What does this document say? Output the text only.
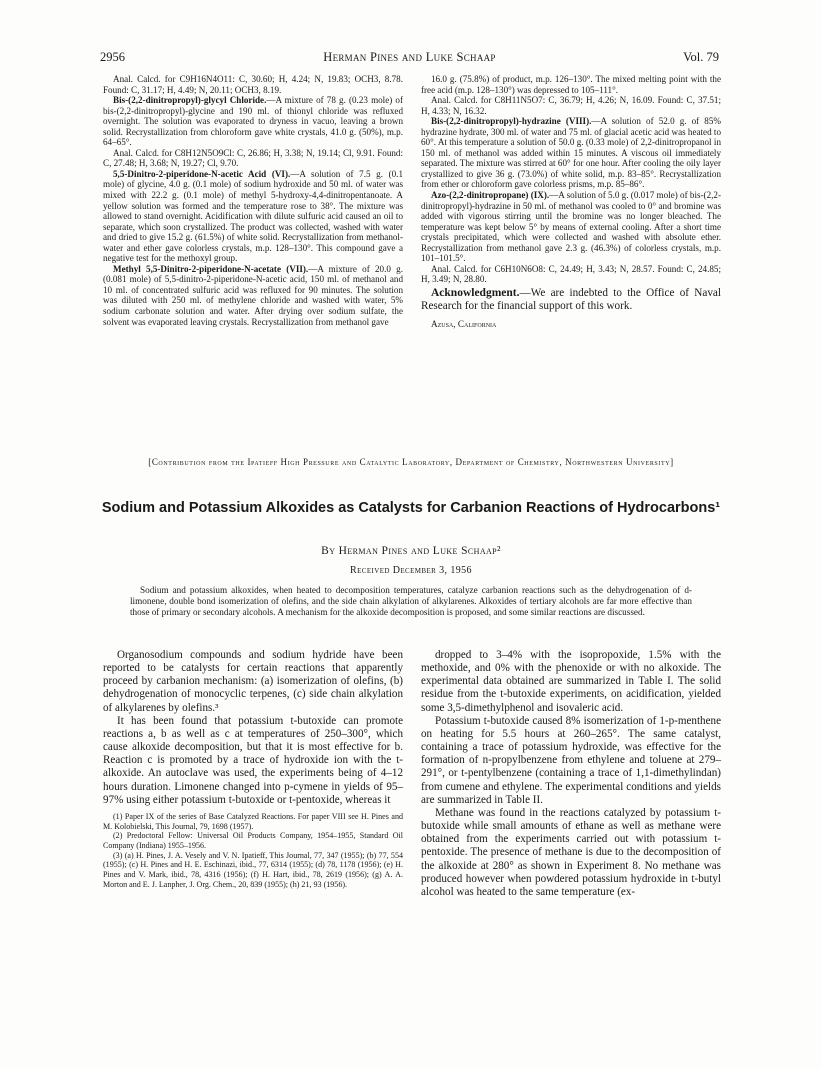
2956	Herman Pines and Luke Schaap	Vol. 79

Anal. Calcd. for C9H16N4O11: C, 30.60; H, 4.24; N, 19.83; OCH3, 8.78. Found: C, 31.17; H, 4.49; N, 20.11; OCH3, 8.19.

Bis-(2,2-dinitropropyl)-glycyl Chloride.—A mixture of 78 g. (0.23 mole) of bis-(2,2-dinitropropyl)-glycine and 190 ml. of thionyl chloride was refluxed overnight. The solution was evaporated to dryness in vacuo, leaving a brown solid. Recrystallization from chloroform gave white crystals, 41.0 g. (50%), m.p. 64–65°.

Anal. Calcd. for C8H12N5O9Cl: C, 26.86; H, 3.38; N, 19.14; Cl, 9.91. Found: C, 27.48; H, 3.68; N, 19.27; Cl, 9.70.

5,5-Dinitro-2-piperidone-N-acetic Acid (VI).—A solution of 7.5 g. (0.1 mole) of glycine, 4.0 g. (0.1 mole) of sodium hydroxide and 50 ml. of water was mixed with 22.2 g. (0.1 mole) of methyl 5-hydroxy-4,4-dinitropentanoate. A yellow solution was formed and the temperature rose to 38°. The mixture was allowed to stand overnight. Acidification with dilute sulfuric acid caused an oil to separate, which soon crystallized. The product was collected, washed with water and dried to give 15.2 g. (61.5%) of white solid. Recrystallization from methanol-water and ether gave colorless crystals, m.p. 128–130°. This compound gave a negative test for the methoxyl group.

Methyl 5,5-Dinitro-2-piperidone-N-acetate (VII).—A mixture of 20.0 g. (0.081 mole) of 5,5-dinitro-2-piperidone-N-acetic acid, 150 ml. of methanol and 10 ml. of concentrated sulfuric acid was refluxed for 90 minutes. The solution was diluted with 250 ml. of methylene chloride and washed with water, 5% sodium carbonate solution and water. After drying over sodium sulfate, the solvent was evaporated leaving crystals. Recrystallization from methanol gave

16.0 g. (75.8%) of product, m.p. 126–130°. The mixed melting point with the free acid (m.p. 128–130°) was depressed to 105–111°.

Anal. Calcd. for C8H11N5O7: C, 36.79; H, 4.26; N, 16.09. Found: C, 37.51; H, 4.33; N, 16.32.

Bis-(2,2-dinitropropyl)-hydrazine (VIII).—A solution of 52.0 g. of 85% hydrazine hydrate, 300 ml. of water and 75 ml. of glacial acetic acid was heated to 60°. At this temperature a solution of 50.0 g. (0.33 mole) of 2,2-dinitropropanol in 150 ml. of methanol was added within 15 minutes. A viscous oil immediately separated. The mixture was stirred at 60° for one hour. After cooling the oily layer crystallized to give 36 g. (73.0%) of white solid, m.p. 83–85°. Recrystallization from ether or chloroform gave colorless prisms, m.p. 85–86°.

Azo-(2,2-dinitropropane) (IX).—A solution of 5.0 g. (0.017 mole) of bis-(2,2-dinitropropyl)-hydrazine in 50 ml. of methanol was cooled to 0° and bromine was added with vigorous stirring until the bromine was no longer bleached. The temperature was kept below 5° by means of external cooling. After a short time crystals precipitated, which were collected and washed with absolute ether. Recrystallization from methanol gave 2.3 g. (46.3%) of colorless crystals, m.p. 101–101.5°.

Anal. Calcd. for C6H10N6O8: C, 24.49; H, 3.43; N, 28.57. Found: C, 24.85; H, 3.49; N, 28.80.

Acknowledgment.—We are indebted to the Office of Naval Research for the financial support of this work.

Azusa, California

[Contribution from the Ipatieff High Pressure and Catalytic Laboratory, Department of Chemistry, Northwestern University]
Sodium and Potassium Alkoxides as Catalysts for Carbanion Reactions of Hydrocarbons¹
By Herman Pines and Luke Schaap²
Received December 3, 1956
Sodium and potassium alkoxides, when heated to decomposition temperatures, catalyze carbanion reactions such as the dehydrogenation of d-limonene, double bond isomerization of olefins, and the side chain alkylation of alkylarenes. Alkoxides of tertiary alcohols are far more effective than those of primary or secondary alcohols. A mechanism for the alkoxide decomposition is proposed, and some similar reactions are discussed.

Organosodium compounds and sodium hydride have been reported to be catalysts for certain reactions that apparently proceed by carbanion mechanism: (a) isomerization of olefins, (b) dehydrogenation of monocyclic terpenes, (c) side chain alkylation of alkylarenes by olefins.³

It has been found that potassium t-butoxide can promote reactions a, b as well as c at temperatures of 250–300°, which cause alkoxide decomposition, but that it is most effective for b. Reaction c is promoted by a trace of hydroxide ion with the t-alkoxide. An autoclave was used, the experiments being of 4–12 hours duration. Limonene changed into p-cymene in yields of 95–97% using either potassium t-butoxide or t-pentoxide, whereas it

(1) Paper IX of the series of Base Catalyzed Reactions. For paper VIII see H. Pines and M. Kolobielski, This Journal, 79, 1698 (1957).

(2) Predoctoral Fellow: Universal Oil Products Company, 1954–1955, Standard Oil Company (Indiana) 1955–1956.

(3) (a) H. Pines, J. A. Vesely and V. N. Ipatieff, This Journal, 77, 347 (1955); (b) 77, 554 (1955); (c) H. Pines and H. E. Eschinazi, ibid., 77, 6314 (1955); (d) 78, 1178 (1956); (e) H. Pines and V. Mark, ibid., 78, 4316 (1956); (f) H. Hart, ibid., 78, 2619 (1956); (g) A. A. Morton and E. J. Lanpher, J. Org. Chem., 20, 839 (1955); (h) 21, 93 (1956).

dropped to 3–4% with the isopropoxide, 1.5% with the methoxide, and 0% with the phenoxide or with no alkoxide. The experimental data obtained are summarized in Table I. The solid residue from the t-butoxide experiments, on acidification, yielded some 3,5-dimethylphenol and isovaleric acid.

Potassium t-butoxide caused 8% isomerization of 1-p-menthene on heating for 5.5 hours at 260–265°. The same catalyst, containing a trace of potassium hydroxide, was effective for the formation of n-propylbenzene from ethylene and toluene at 279–291°, or t-pentylbenzene (containing a trace of 1,1-dimethylindan) from cumene and ethylene. The experimental conditions and yields are summarized in Table II.

Methane was found in the reactions catalyzed by potassium t-butoxide while small amounts of ethane as well as methane were obtained from the experiments carried out with potassium t-pentoxide. The presence of methane is due to the decomposition of the alkoxide at 280° as shown in Experiment 8. No methane was produced however when powdered potassium hydroxide in t-butyl alcohol was heated to the same temperature (ex-
